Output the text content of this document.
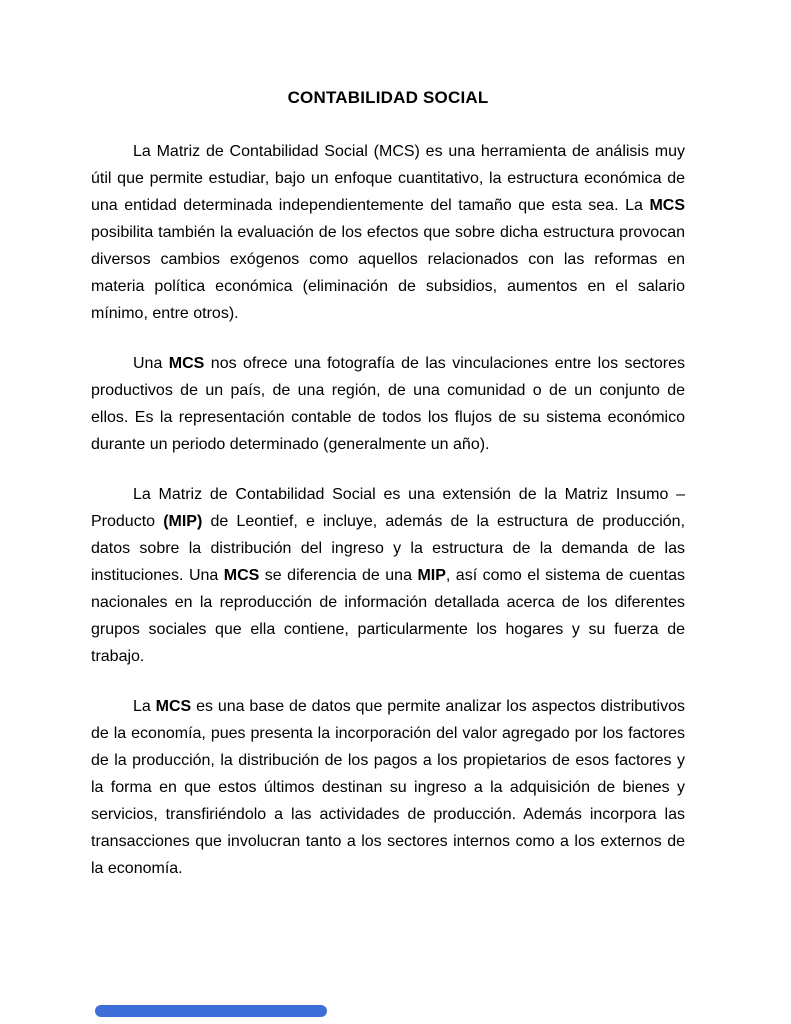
CONTABILIDAD SOCIAL

La Matriz de Contabilidad Social (MCS) es una herramienta de análisis muy útil que permite estudiar, bajo un enfoque cuantitativo, la estructura económica de una entidad determinada independientemente del tamaño que esta sea. La MCS posibilita también la evaluación de los efectos que sobre dicha estructura provocan diversos cambios exógenos como aquellos relacionados con las reformas en materia política económica (eliminación de subsidios, aumentos en el salario mínimo, entre otros).

Una MCS nos ofrece una fotografía de las vinculaciones entre los sectores productivos de un país, de una región, de una comunidad o de un conjunto de ellos. Es la representación contable de todos los flujos de su sistema económico durante un periodo determinado (generalmente un año).

La Matriz de Contabilidad Social es una extensión de la Matriz Insumo – Producto (MIP) de Leontief, e incluye, además de la estructura de producción, datos sobre la distribución del ingreso y la estructura de la demanda de las instituciones. Una MCS se diferencia de una MIP, así como el sistema de cuentas nacionales en la reproducción de información detallada acerca de los diferentes grupos sociales que ella contiene, particularmente los hogares y su fuerza de trabajo.

La MCS es una base de datos que permite analizar los aspectos distributivos de la economía, pues presenta la incorporación del valor agregado por los factores de la producción, la distribución de los pagos a los propietarios de esos factores y la forma en que estos últimos destinan su ingreso a la adquisición de bienes y servicios, transfiriéndolo a las actividades de producción. Además incorpora las transacciones que involucran tanto a los sectores internos como a los externos de la economía.
